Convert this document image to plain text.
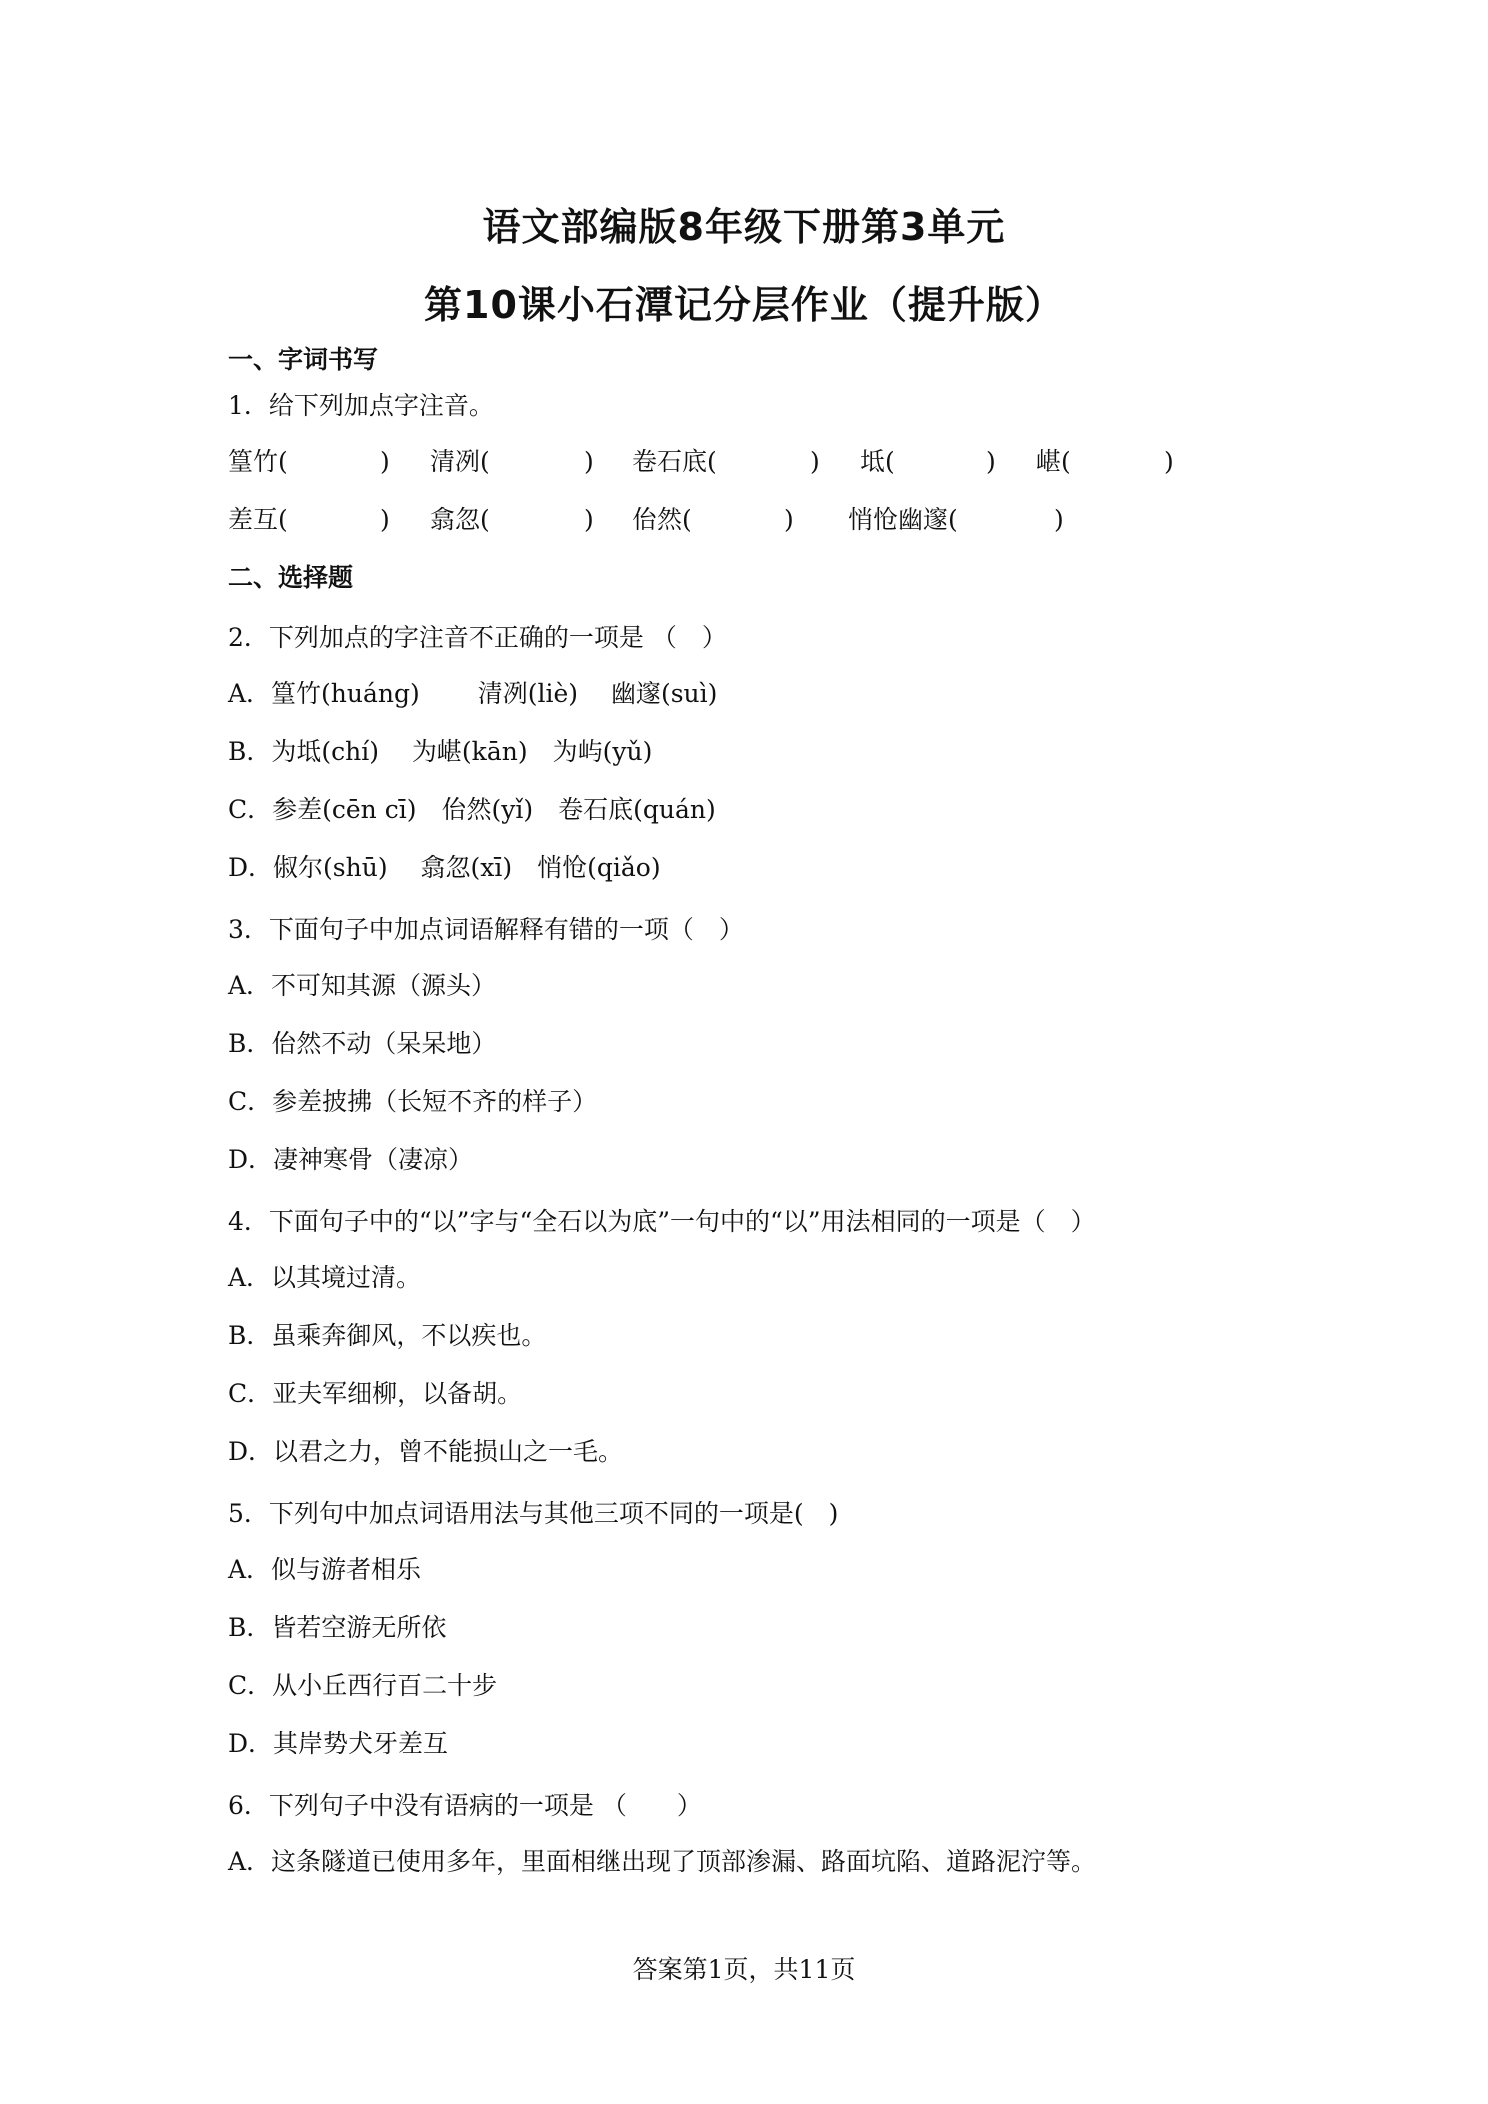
语文部编版8年级下册第3单元
第10课小石潭记分层作业（提升版）
一、字词书写
1．给下列加点字注音。
篁竹(	) 清冽(	) 卷石底(	) 坻(	) 嵁(	)
差互(	) 翕忽(	) 佁然(	) 悄怆幽邃(	)
二、选择题
2．下列加点的字注音不正确的一项是 （　）
A．篁竹(huáng)　　 清冽(liè)　 幽邃(suì)
B．为坻(chí)　 为嵁(kān)　为屿(yǔ)
C．参差(cēn cī)　佁然(yǐ)　卷石底(quán)
D．俶尔(shū)　 翕忽(xī)　悄怆(qiǎo)
3．下面句子中加点词语解释有错的一项（　）
A．不可知其源（源头）
B．佁然不动（呆呆地）
C．参差披拂（长短不齐的样子）
D．凄神寒骨（凄凉）
4．下面句子中的“以”字与“全石以为底”一句中的“以”用法相同的一项是（　）
A．以其境过清。
B．虽乘奔御风，不以疾也。
C．亚夫军细柳，以备胡。
D．以君之力，曾不能损山之一毛。
5．下列句中加点词语用法与其他三项不同的一项是(　)
A．似与游者相乐
B．皆若空游无所依
C．从小丘西行百二十步
D．其岸势犬牙差互
6．下列句子中没有语病的一项是 （　　）
A．这条隧道已使用多年，里面相继出现了顶部渗漏、路面坑陷、道路泥泞等。
答案第1页，共11页
